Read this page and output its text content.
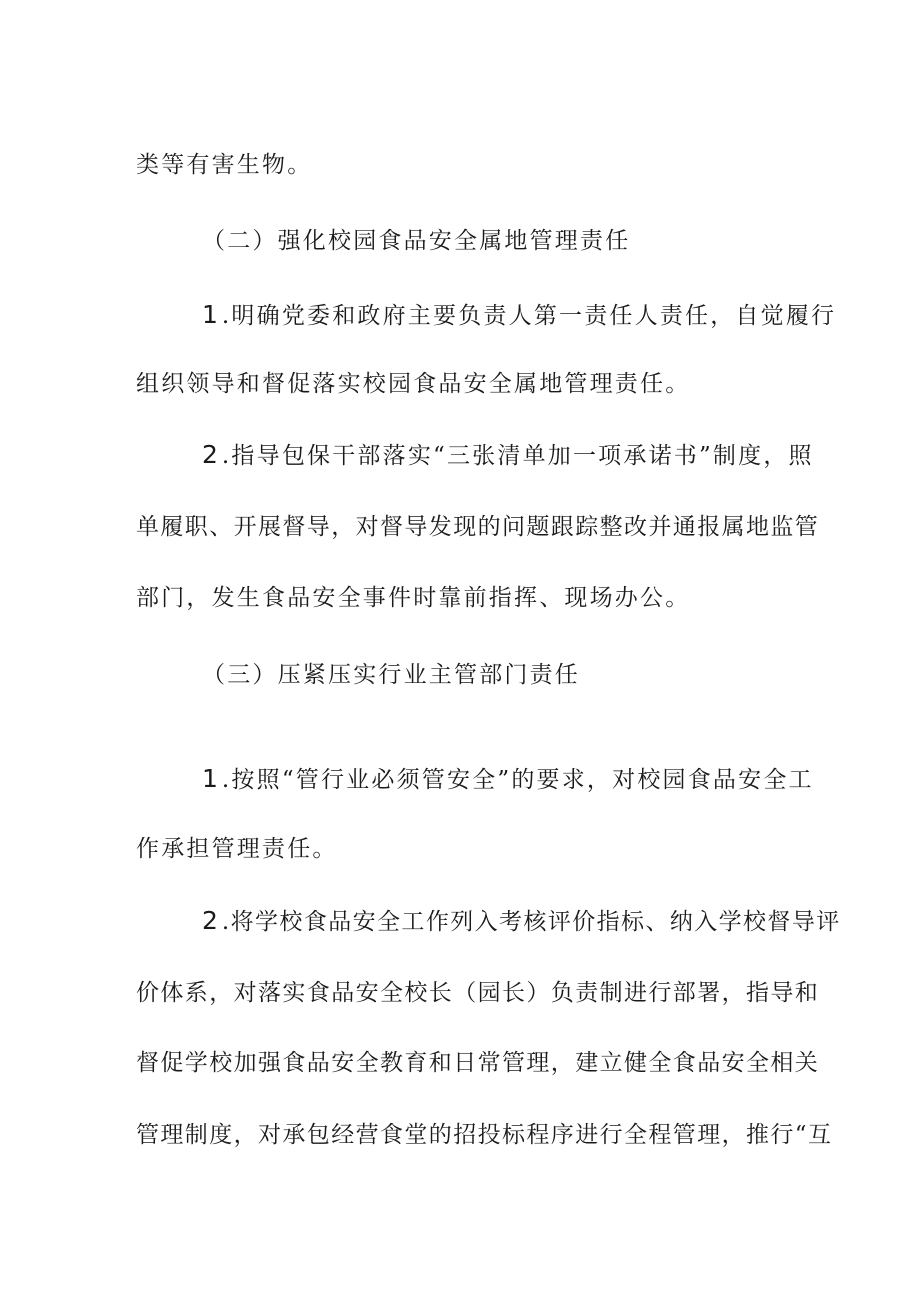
类等有害生物。
（二）强化校园食品安全属地管理责任
1 .明确党委和政府主要负责人第一责任人责任，自觉履行
组织领导和督促落实校园食品安全属地管理责任。
2 .指导包保干部落实“三张清单加一项承诺书”制度，照
单履职、开展督导，对督导发现的问题跟踪整改并通报属地监管
部门，发生食品安全事件时靠前指挥、现场办公。
（三）压紧压实行业主管部门责任
1 .按照“管行业必须管安全”的要求，对校园食品安全工
作承担管理责任。
2 .将学校食品安全工作列入考核评价指标、纳入学校督导评
价体系，对落实食品安全校长（园长）负责制进行部署，指导和
督促学校加强食品安全教育和日常管理，建立健全食品安全相关
管理制度，对承包经营食堂的招投标程序进行全程管理，推行“互
